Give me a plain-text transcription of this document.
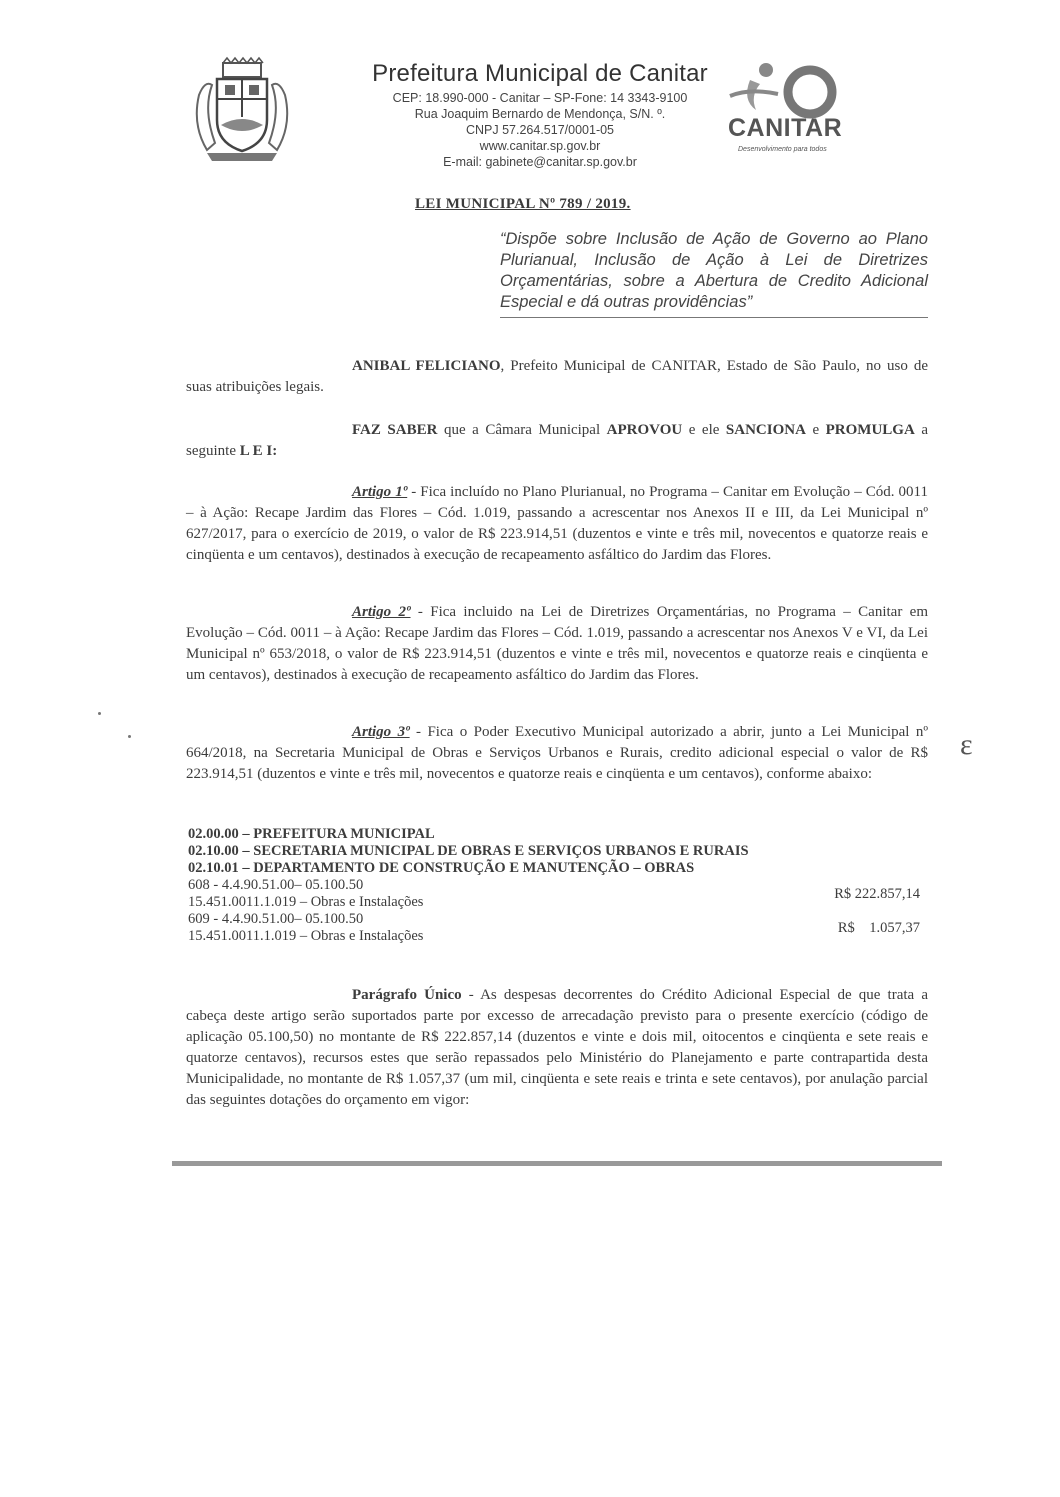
Prefeitura Municipal de Canitar
CEP: 18.990-000 - Canitar – SP-Fone: 14 3343-9100
Rua Joaquim Bernardo de Mendonça, S/N. º.
CNPJ 57.264.517/0001-05
www.canitar.sp.gov.br
E-mail: gabinete@canitar.sp.gov.br
CANITAR
Desenvolvimento para todos
LEI MUNICIPAL Nº 789 / 2019.
“Dispõe sobre Inclusão de Ação de Governo ao Plano Plurianual, Inclusão de Ação à Lei de Diretrizes Orçamentárias, sobre a Abertura de Credito Adicional Especial e dá outras providências”
ANIBAL FELICIANO, Prefeito Municipal de CANITAR, Estado de São Paulo, no uso de suas atribuições legais.
FAZ SABER que a Câmara Municipal APROVOU e ele SANCIONA e PROMULGA a seguinte L E I:
Artigo 1º - Fica incluído no Plano Plurianual, no Programa – Canitar em Evolução – Cód. 0011 – à Ação: Recape Jardim das Flores – Cód. 1.019, passando a acrescentar nos Anexos II e III, da Lei Municipal nº 627/2017, para o exercício de 2019, o valor de R$ 223.914,51 (duzentos e vinte e três mil, novecentos e quatorze reais e cinqüenta e um centavos), destinados à execução de recapeamento asfáltico do Jardim das Flores.
Artigo 2º - Fica incluido na Lei de Diretrizes Orçamentárias, no Programa – Canitar em Evolução – Cód. 0011 – à Ação: Recape Jardim das Flores – Cód. 1.019, passando a acrescentar nos Anexos V e VI, da Lei Municipal nº 653/2018, o valor de R$ 223.914,51 (duzentos e vinte e três mil, novecentos e quatorze reais e cinqüenta e um centavos), destinados à execução de recapeamento asfáltico do Jardim das Flores.
Artigo 3º - Fica o Poder Executivo Municipal autorizado a abrir, junto a Lei Municipal nº 664/2018, na Secretaria Municipal de Obras e Serviços Urbanos e Rurais, credito adicional especial o valor de R$ 223.914,51 (duzentos e vinte e três mil, novecentos e quatorze reais e cinqüenta e um centavos), conforme abaixo:
ε
02.00.00 – PREFEITURA MUNICIPAL
02.10.00 – SECRETARIA MUNICIPAL DE OBRAS E SERVIÇOS URBANOS E RURAIS
02.10.01 – DEPARTAMENTO DE CONSTRUÇÃO E MANUTENÇÃO – OBRAS
608 - 4.4.90.51.00– 05.100.50
15.451.0011.1.019 – Obras e Instalações	R$ 222.857,14
609 - 4.4.90.51.00– 05.100.50
15.451.0011.1.019 – Obras e Instalações	R$    1.057,37
Parágrafo Único - As despesas decorrentes do Crédito Adicional Especial de que trata a cabeça deste artigo serão suportados parte por excesso de arrecadação previsto para o presente exercício (código de aplicação 05.100,50) no montante de R$ 222.857,14 (duzentos e vinte e dois mil, oitocentos e cinqüenta e sete reais e quatorze centavos), recursos estes que serão repassados pelo Ministério do Planejamento e parte contrapartida desta Municipalidade, no montante de R$ 1.057,37 (um mil, cinqüenta e sete reais e trinta e sete centavos), por anulação parcial das seguintes dotações do orçamento em vigor:
